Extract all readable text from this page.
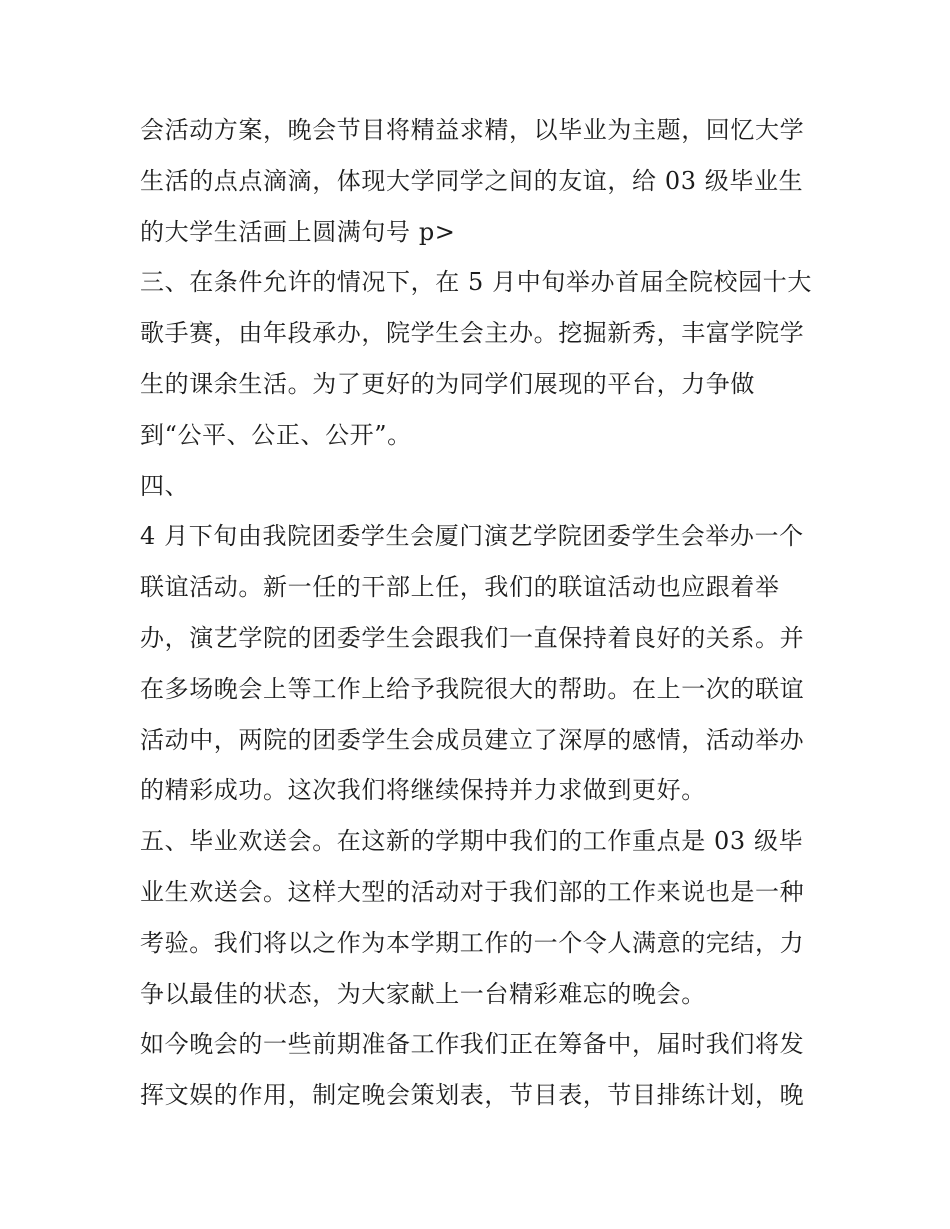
会活动方案，晚会节目将精益求精，以毕业为主题，回忆大学
生活的点点滴滴，体现大学同学之间的友谊，给 03 级毕业生
的大学生活画上圆满句号 p>
三、在条件允许的情况下，在 5 月中旬举办首届全院校园十大
歌手赛，由年段承办，院学生会主办。挖掘新秀，丰富学院学
生的课余生活。为了更好的为同学们展现的平台，力争做
到“公平、公正、公开”。
四、
4 月下旬由我院团委学生会厦门演艺学院团委学生会举办一个
联谊活动。新一任的干部上任，我们的联谊活动也应跟着举
办，演艺学院的团委学生会跟我们一直保持着良好的关系。并
在多场晚会上等工作上给予我院很大的帮助。在上一次的联谊
活动中，两院的团委学生会成员建立了深厚的感情，活动举办
的精彩成功。这次我们将继续保持并力求做到更好。
五、毕业欢送会。在这新的学期中我们的工作重点是 03 级毕
业生欢送会。这样大型的活动对于我们部的工作来说也是一种
考验。我们将以之作为本学期工作的一个令人满意的完结，力
争以最佳的状态，为大家献上一台精彩难忘的晚会。
如今晚会的一些前期准备工作我们正在筹备中，届时我们将发
挥文娱的作用，制定晚会策划表，节目表，节目排练计划，晚
